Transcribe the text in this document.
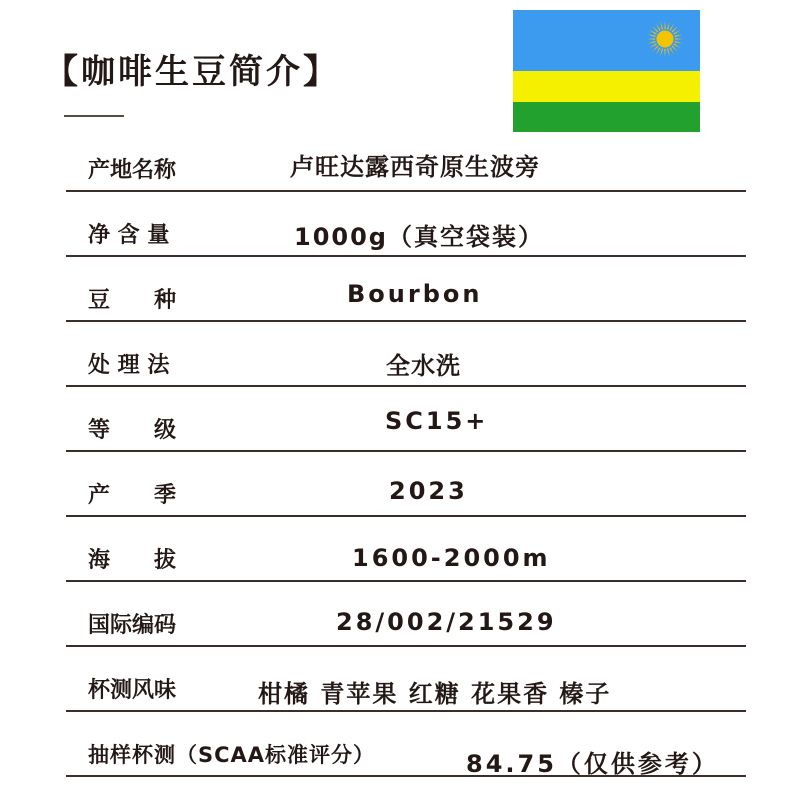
【咖啡生豆简介】
产地名称	卢旺达露西奇原生波旁
净 含 量	1000g（真空袋装）
豆　　种	Bourbon
处 理 法	全水洗
等　　级	SC15+
产　　季	2023
海　　拔	1600-2000m
国际编码	28/002/21529
杯测风味	柑橘 青苹果 红糖 花果香 榛子
抽样杯测（SCAA标准评分）	84.75（仅供参考）
